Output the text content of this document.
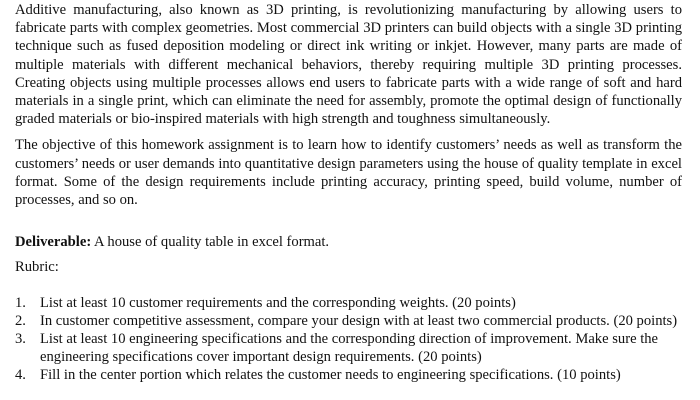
Additive manufacturing, also known as 3D printing, is revolutionizing manufacturing by allowing users to fabricate parts with complex geometries. Most commercial 3D printers can build objects with a single 3D printing technique such as fused deposition modeling or direct ink writing or inkjet. However, many parts are made of multiple materials with different mechanical behaviors, thereby requiring multiple 3D printing processes. Creating objects using multiple processes allows end users to fabricate parts with a wide range of soft and hard materials in a single print, which can eliminate the need for assembly, promote the optimal design of functionally graded materials or bio-inspired materials with high strength and toughness simultaneously.

The objective of this homework assignment is to learn how to identify customers’ needs as well as transform the customers’ needs or user demands into quantitative design parameters using the house of quality template in excel format. Some of the design requirements include printing accuracy, printing speed, build volume, number of processes, and so on.

Deliverable: A house of quality table in excel format.

Rubric:

1. List at least 10 customer requirements and the corresponding weights. (20 points)
2. In customer competitive assessment, compare your design with at least two commercial products. (20 points)
3. List at least 10 engineering specifications and the corresponding direction of improvement. Make sure the engineering specifications cover important design requirements. (20 points)
4. Fill in the center portion which relates the customer needs to engineering specifications. (10 points)
